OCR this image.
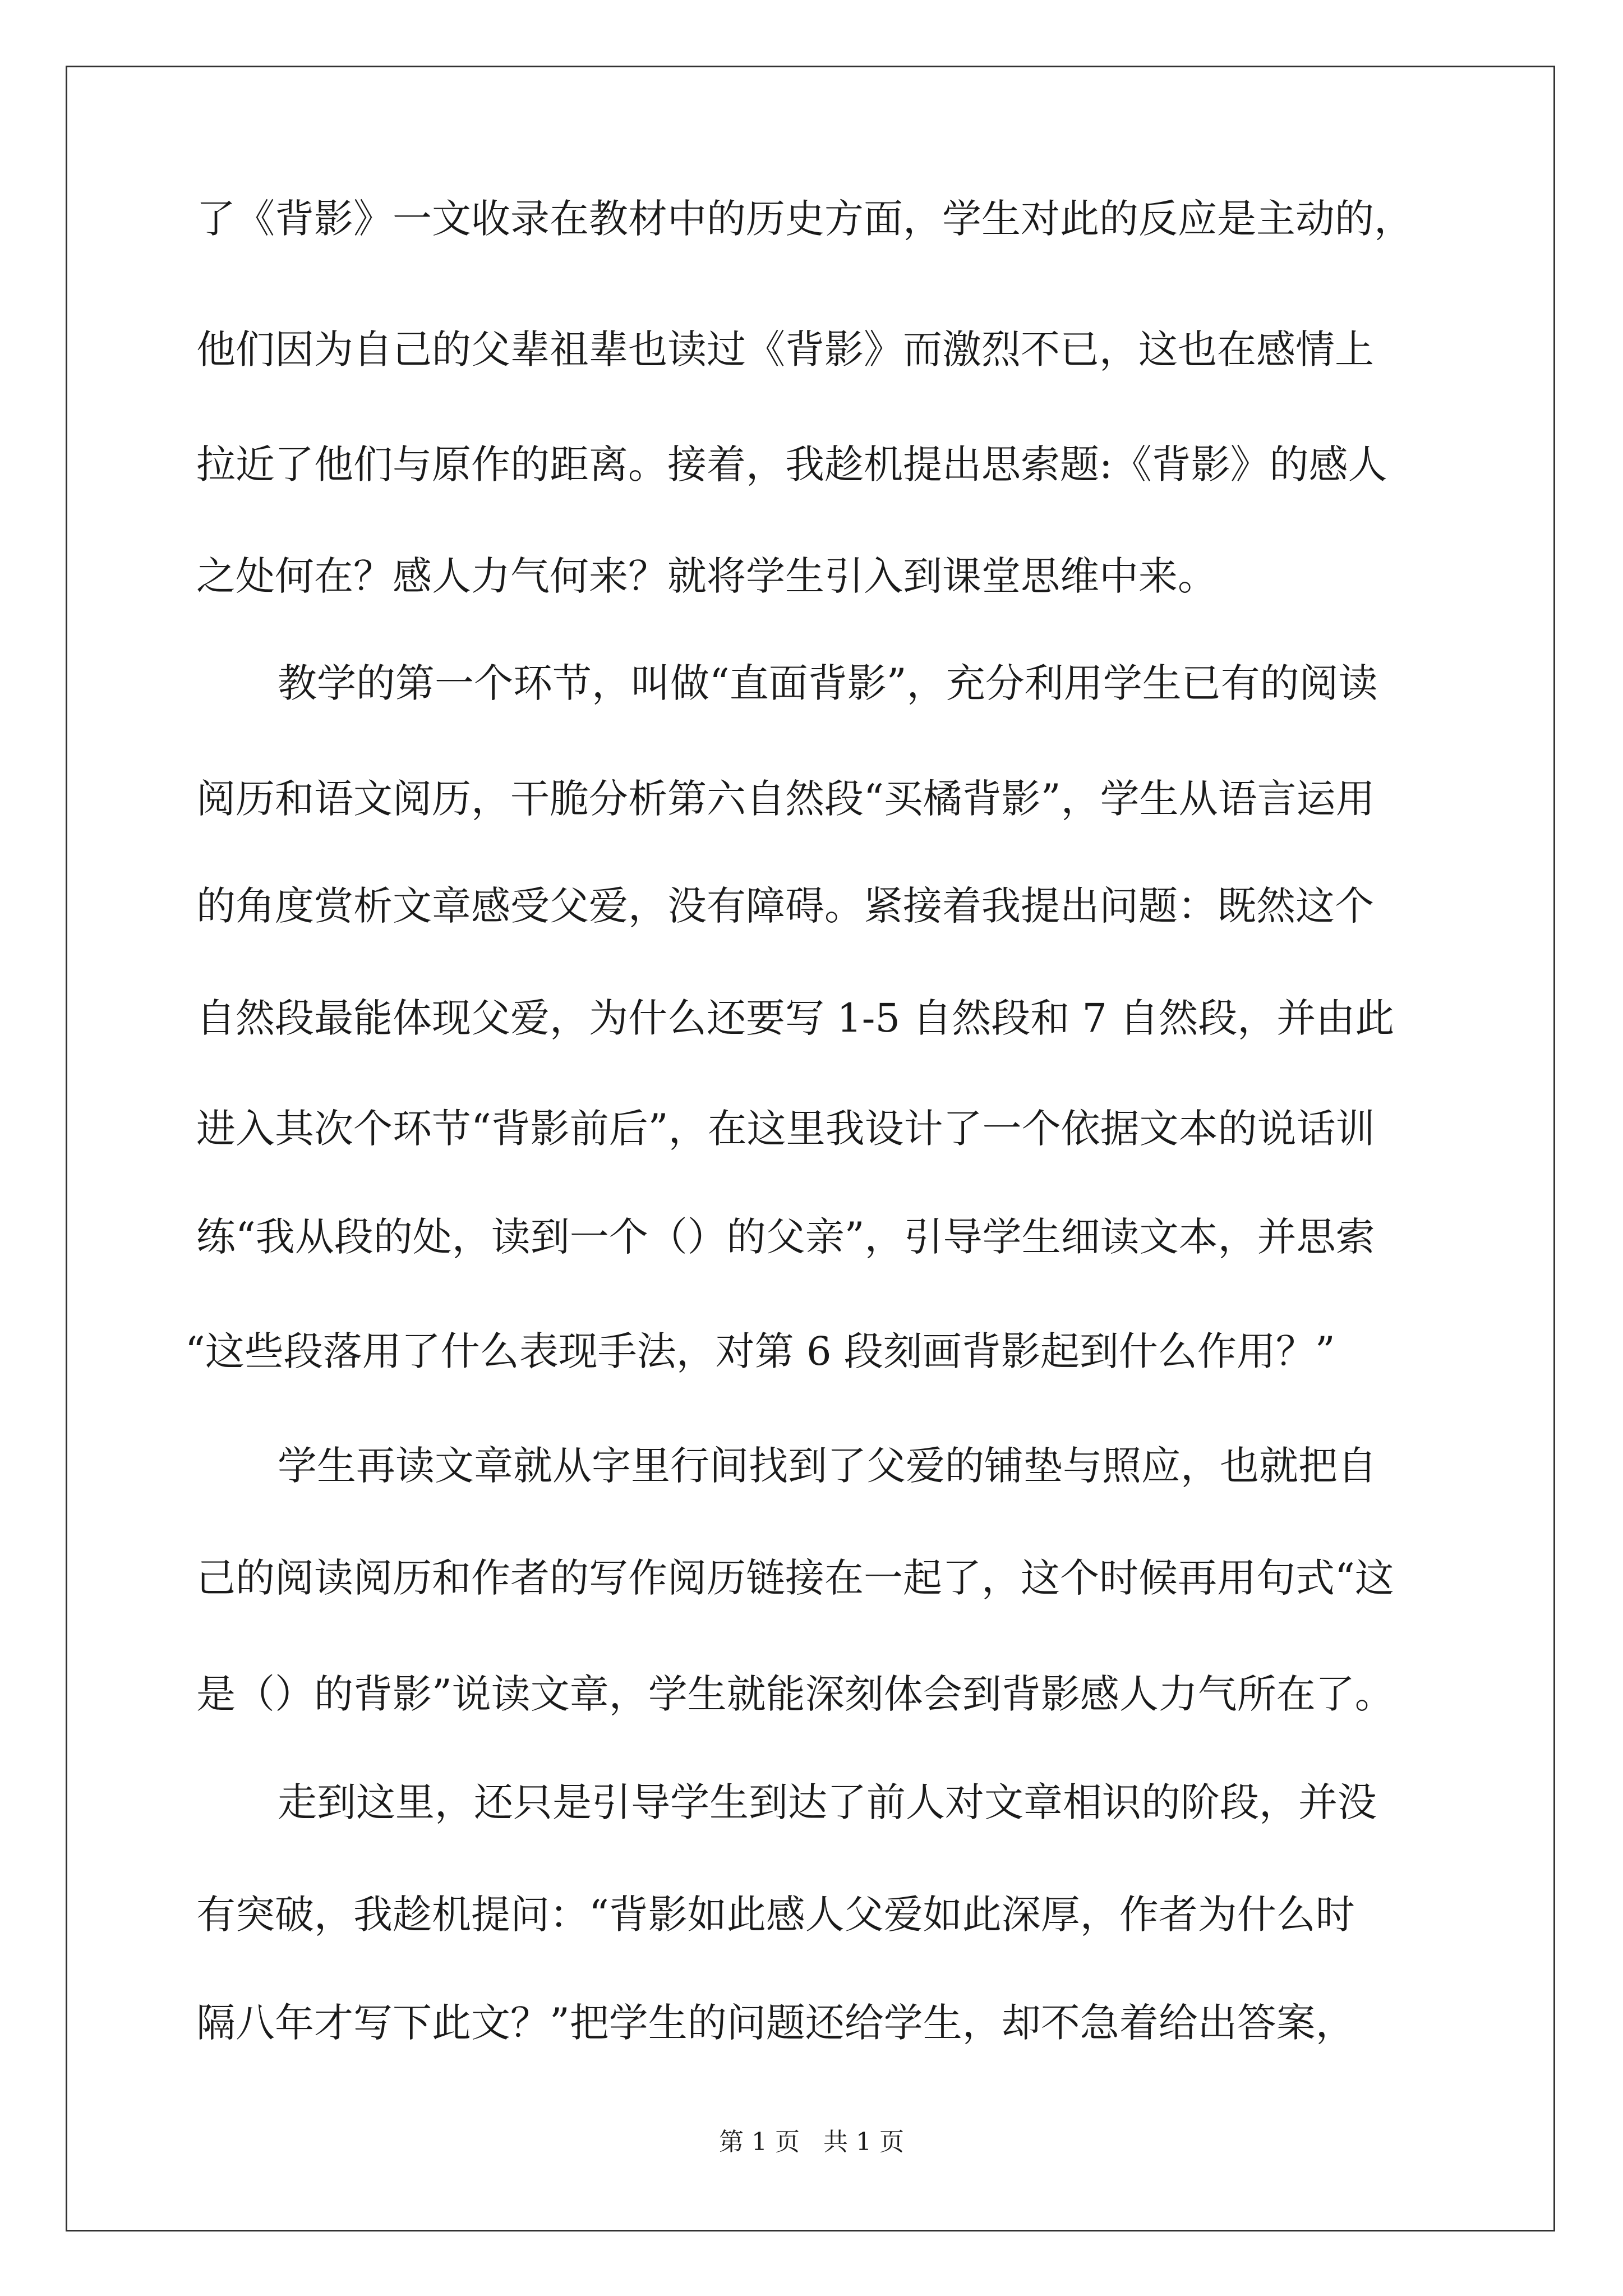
了《背影》一文收录在教材中的历史方面，学生对此的反应是主动的，

他们因为自己的父辈祖辈也读过《背影》而激烈不已，这也在感情上

拉近了他们与原作的距离。接着，我趁机提出思索题:《背影》的感人

之处何在？感人力气何来？就将学生引入到课堂思维中来。

教学的第一个环节，叫做“直面背影”，充分利用学生已有的阅读

阅历和语文阅历，干脆分析第六自然段“买橘背影”，学生从语言运用

的角度赏析文章感受父爱，没有障碍。紧接着我提出问题：既然这个

自然段最能体现父爱，为什么还要写 1-5 自然段和 7 自然段，并由此

进入其次个环节“背影前后”，在这里我设计了一个依据文本的说话训

练“我从段的处，读到一个（）的父亲”，引导学生细读文本，并思索

“这些段落用了什么表现手法，对第 6 段刻画背影起到什么作用？”

学生再读文章就从字里行间找到了父爱的铺垫与照应，也就把自

己的阅读阅历和作者的写作阅历链接在一起了，这个时候再用句式“这

是（）的背影”说读文章，学生就能深刻体会到背影感人力气所在了。

走到这里，还只是引导学生到达了前人对文章相识的阶段，并没

有突破，我趁机提问：“背影如此感人父爱如此深厚，作者为什么时

隔八年才写下此文？”把学生的问题还给学生，却不急着给出答案，

第 1 页   共 1 页
